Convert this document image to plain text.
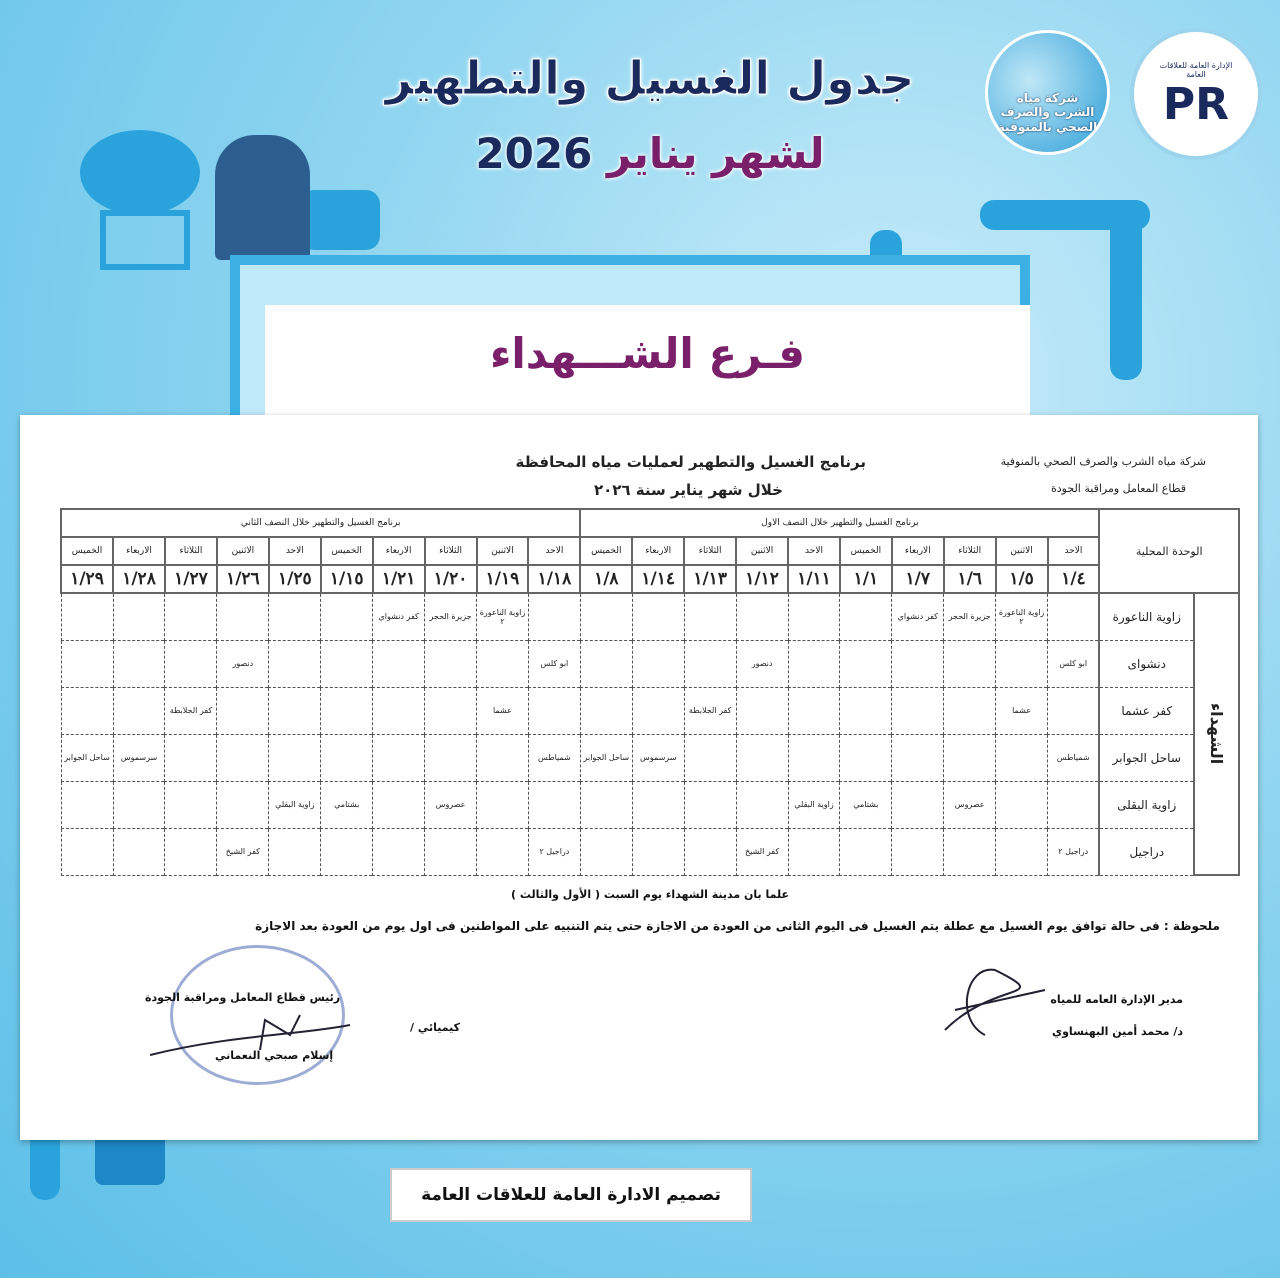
جدول الغسيل والتطهير
لشهر يناير 2026
فـرع الشـــهداء
شركة مياه الشرب والصرف الصحي بالمنوفية
الإدارة العامة للعلاقات العامة
PR
شركة مياه الشرب والصرف الصحي بالمنوفية
قطاع المعامل ومراقبة الجودة
برنامج الغسيل والتطهير لعمليات مياه المحافظة
خلال شهر يناير سنة ٢٠٢٦
الوحدة المحلية		برنامج الغسيل والتطهير خلال النصف الاول										برنامج الغسيل والتطهير خلال النصف الثاني									
		الاحد	الاثنين	الثلاثاء	الاربعاء	الخميس	الاحد	الاثنين	الثلاثاء	الاربعاء	الخميس	الاحد	الاثنين	الثلاثاء	الاربعاء	الخميس	الاحد	الاثنين	الثلاثاء	الاربعاء	الخميس
		١/٤	١/٥	١/٦	١/٧	١/١	١/١١	١/١٢	١/١٣	١/١٤	١/٨	١/١٨	١/١٩	١/٢٠	١/٢١	١/١٥	١/٢٥	١/٢٦	١/٢٧	١/٢٨	١/٢٩
الشهداء	زاوية الناعورة		زاوية الناعورة ٢	جزيرة الحجر	كفر دنشواي								زاوية الناعورة ٢	جزيرة الحجر	كفر دنشواي						
	دنشواى	ابو كلس						دنصور				ابو كلس						دنصور			
	كفر عشما		عشما						كفر الجلابطة				عشما						كفر الجلابطة		
	ساحل الجوابر	شمياطس								سرسموس	ساحل الجوابر	شمياطس								سرسموس	ساحل الجوابر
	زاوية البقلى			عصروس		بشتامي	زاوية البقلي							عصروس		بشتامي	زاوية البقلي				
	دراجيل	دراجيل ٢						كفر الشيخ				دراجيل ٢						كفر الشيخ			
علما بان مدينة الشهداء يوم السبت ( الأول والثالث )
ملحوظة : فى حالة توافق يوم الغسيل مع عطلة يتم الغسيل فى اليوم الثانى من العودة من الاجازة حتى يتم التنبيه على المواطنين فى اول يوم من العودة بعد الاجازة
مدير الإدارة العامه للمياه
د/ محمد أمين البهنساوي
رئيس قطاع المعامل ومراقبة الجودة
كيميائي /
إسلام صبحي النعماني
تصميم الادارة العامة للعلاقات العامة
